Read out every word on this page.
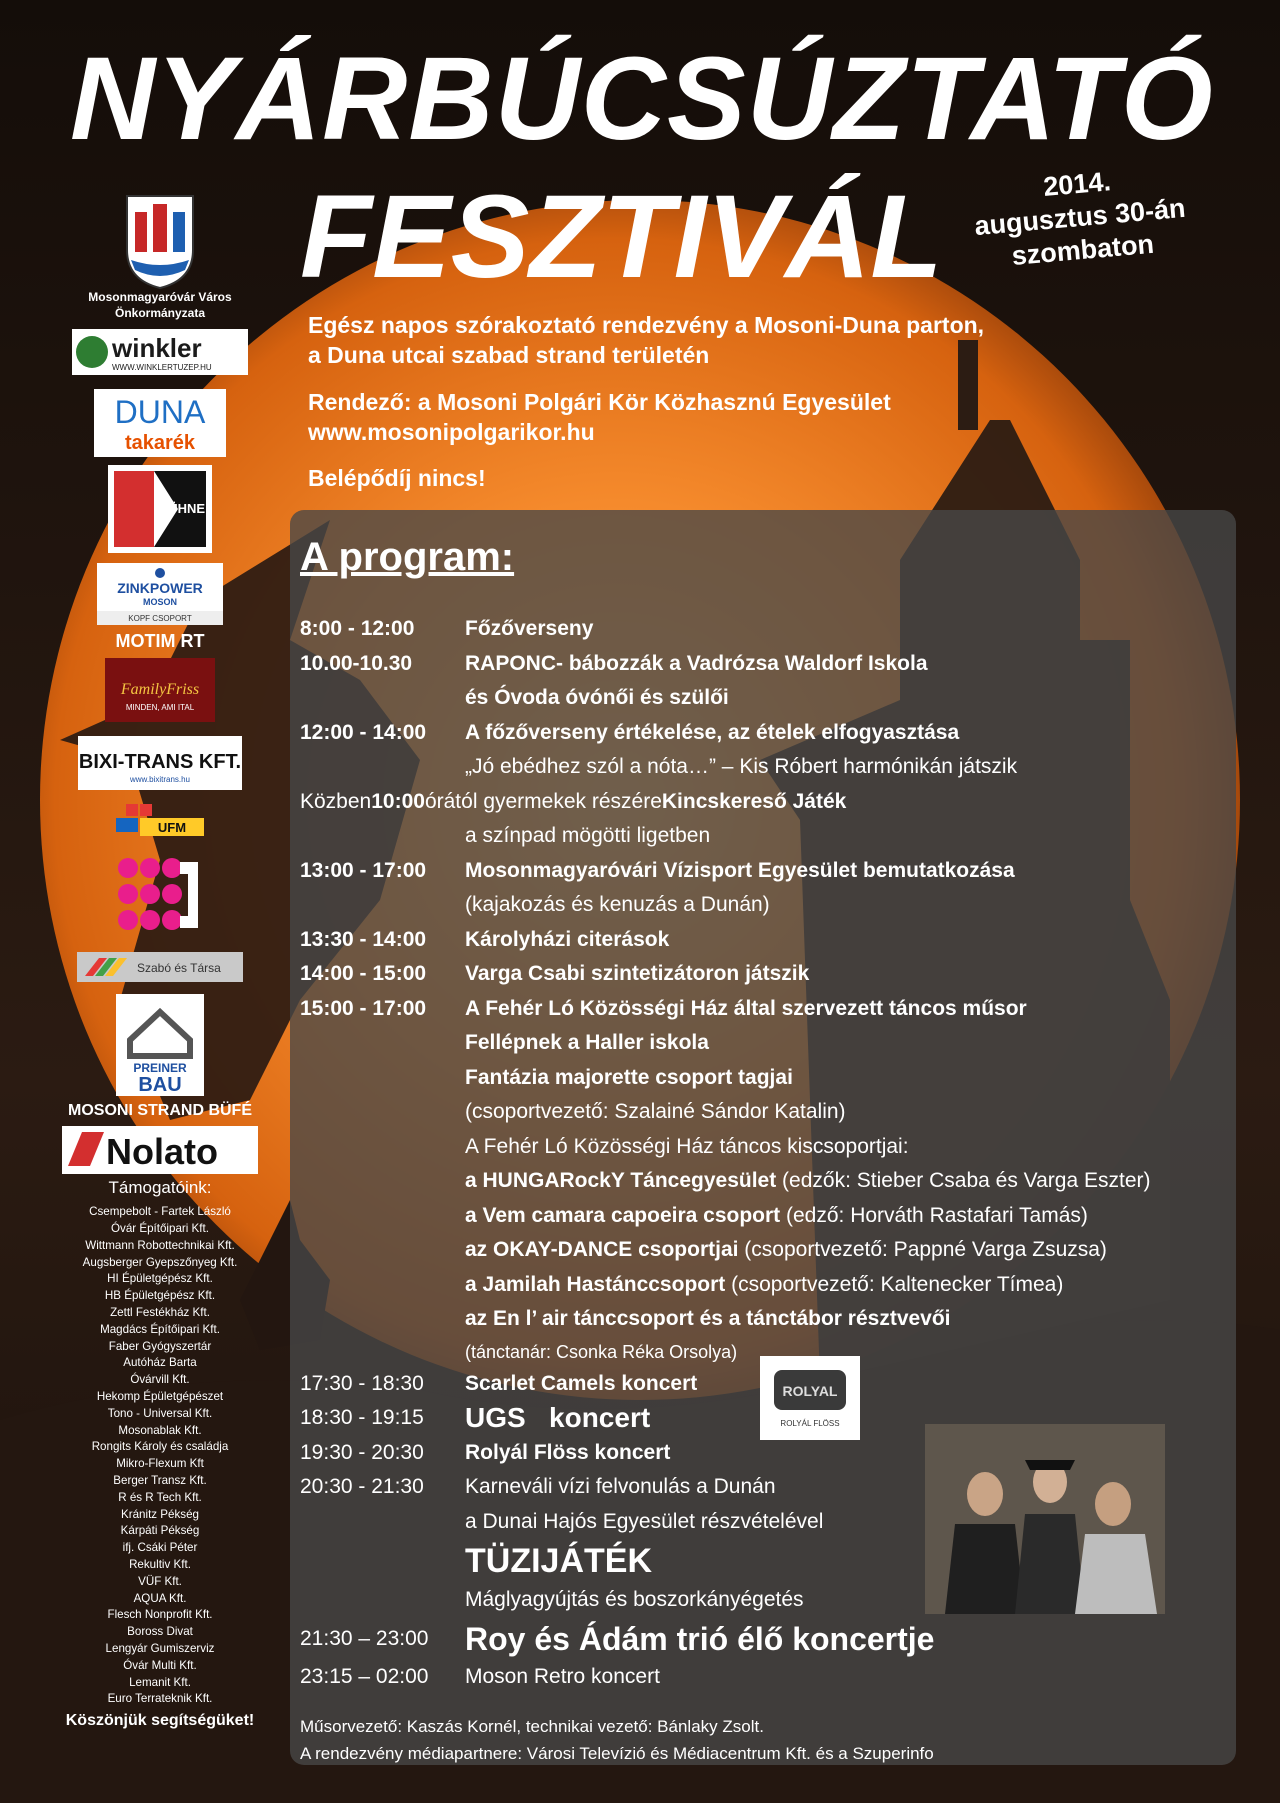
NYÁRBÚCSÚZTATÓ
FESZTIVÁL	2014.
augusztus 30-án
szombaton
Egész napos szórakoztató rendezvény a Mosoni-Duna parton,
a Duna utcai szabad strand területén
Rendező: a Mosoni Polgári Kör Közhasznú Egyesület
www.mosonipolgarikor.hu
Belépődíj nincs!
Mosonmagyaróvár Város
Önkormányzata
winkler
WWW.WINKLERTUZEP.HU
DUNA
takarék
KÜHNE
ZINKPOWER
MOSON
KOPF CSOPORT
MOTIM RT
FamilyFriss
MINDEN, AMI ITAL
BIXI-TRANS KFT.
www.bixitrans.hu
UFM
Szabó és Társa
PREINER
BAU
MOSONI STRAND BÜFÉ
Nolato
Támogatóink:
Csempebolt - Fartek László
Óvár Építőipari Kft.
Wittmann Robottechnikai Kft.
Augsberger Gyepszőnyeg Kft.
HI Épületgépész Kft.
HB Épületgépész Kft.
Zettl Festékház Kft.
Magdács Építőipari Kft.
Faber Gyógyszertár
Autóház Barta
Óvárvill Kft.
Hekomp Épületgépészet
Tono - Universal Kft.
Mosonablak Kft.
Rongits Károly és családja
Mikro-Flexum Kft
Berger Transz Kft.
R és R Tech Kft.
Kránitz Pékség
Kárpáti Pékség
ifj. Csáki Péter
Rekultiv Kft.
VÜF Kft.
AQUA Kft.
Flesch Nonprofit Kft.
Boross Divat
Lengyár Gumiszerviz
Óvár Multi Kft.
Lemanit Kft.
Euro Terrateknik Kft.
Köszönjük segítségüket!
A program:
8:00 - 12:00	Főzőverseny
10.00-10.30	RAPONC- bábozzák a Vadrózsa Waldorf Iskola
és Óvoda óvónői és szülői
12:00 - 14:00	A főzőverseny értékelése, az ételek elfogyasztása
„Jó ebédhez szól a nóta…” – Kis Róbert harmónikán játszik
Közben 10:00 órától gyermekek részére Kincskereső Játék
a színpad mögötti ligetben
13:00 - 17:00	Mosonmagyaróvári Vízisport Egyesület bemutatkozása
(kajakozás és kenuzás a Dunán)
13:30 - 14:00	Károlyházi citerások
14:00 - 15:00	Varga Csabi szintetizátoron játszik
15:00 - 17:00	A Fehér Ló Közösségi Ház által szervezett táncos műsor
Fellépnek a Haller iskola
Fantázia majorette csoport tagjai
(csoportvezető: Szalainé Sándor Katalin)
A Fehér Ló Közösségi Ház táncos kiscsoportjai:
a HUNGARockY Táncegyesület (edzők: Stieber Csaba és Varga Eszter)
a Vem camara capoeira csoport (edző: Horváth Rastafari Tamás)
az OKAY-DANCE csoportjai (csoportvezető: Pappné Varga Zsuzsa)
a Jamilah Hastánccsoport (csoportvezető: Kaltenecker Tímea)
az En l’ air tánccsoport és a tánctábor résztvevői
(tánctanár: Csonka Réka Orsolya)
17:30 - 18:30	Scarlet Camels koncert
18:30 - 19:15	UGS   koncert
19:30 - 20:30	Rolyál Flöss koncert
20:30 - 21:30	Karneváli vízi felvonulás a Dunán
a Dunai Hajós Egyesület részvételével
TÜZIJÁTÉK
Máglyagyújtás és boszorkányégetés
21:30 – 23:00	Roy és Ádám trió élő koncertje
23:15 – 02:00	Moson Retro koncert
Műsorvezető: Kaszás Kornél, technikai vezető: Bánlaky Zsolt.
A rendezvény médiapartnere: Városi Televízió és Médiacentrum Kft. és a Szuperinfo
ROLYAL
ROLYÁL FLÖSS
